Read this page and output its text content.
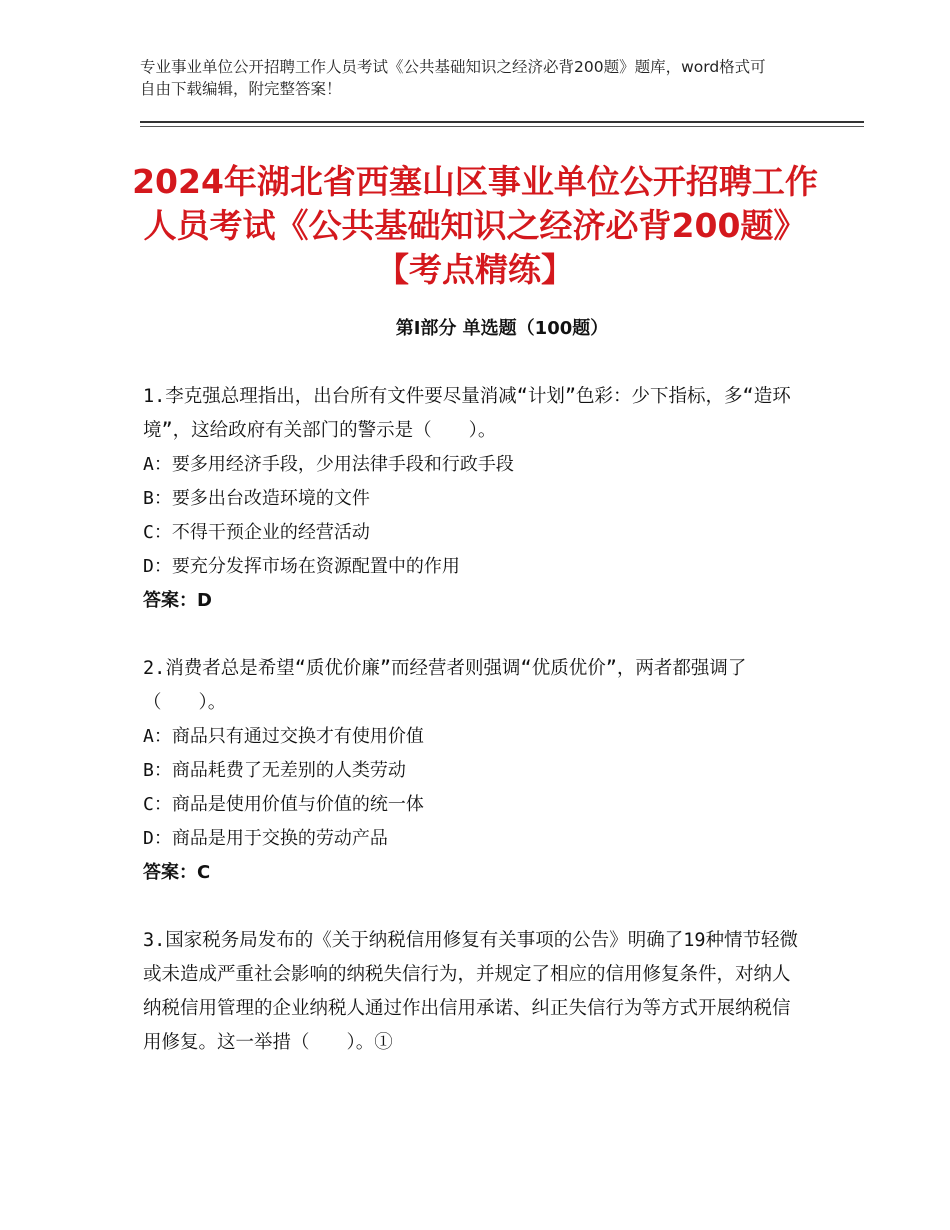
专业事业单位公开招聘工作人员考试《公共基础知识之经济必背200题》题库，word格式可自由下载编辑，附完整答案！
2024年湖北省西塞山区事业单位公开招聘工作人员考试《公共基础知识之经济必背200题》【考点精练】
第I部分 单选题（100题）
1.李克强总理指出，出台所有文件要尽量消减“计划”色彩：少下指标，多“造环境”，这给政府有关部门的警示是（　　）。
A：要多用经济手段，少用法律手段和行政手段
B：要多出台改造环境的文件
C：不得干预企业的经营活动
D：要充分发挥市场在资源配置中的作用
答案：D
2.消费者总是希望“质优价廉”而经营者则强调“优质优价”，两者都强调了（　　）。
A：商品只有通过交换才有使用价值
B：商品耗费了无差别的人类劳动
C：商品是使用价值与价值的统一体
D：商品是用于交换的劳动产品
答案：C
3.国家税务局发布的《关于纳税信用修复有关事项的公告》明确了19种情节轻微或未造成严重社会影响的纳税失信行为，并规定了相应的信用修复条件，对纳人纳税信用管理的企业纳税人通过作出信用承诺、纠正失信行为等方式开展纳税信用修复。这一举措（　　）。①
